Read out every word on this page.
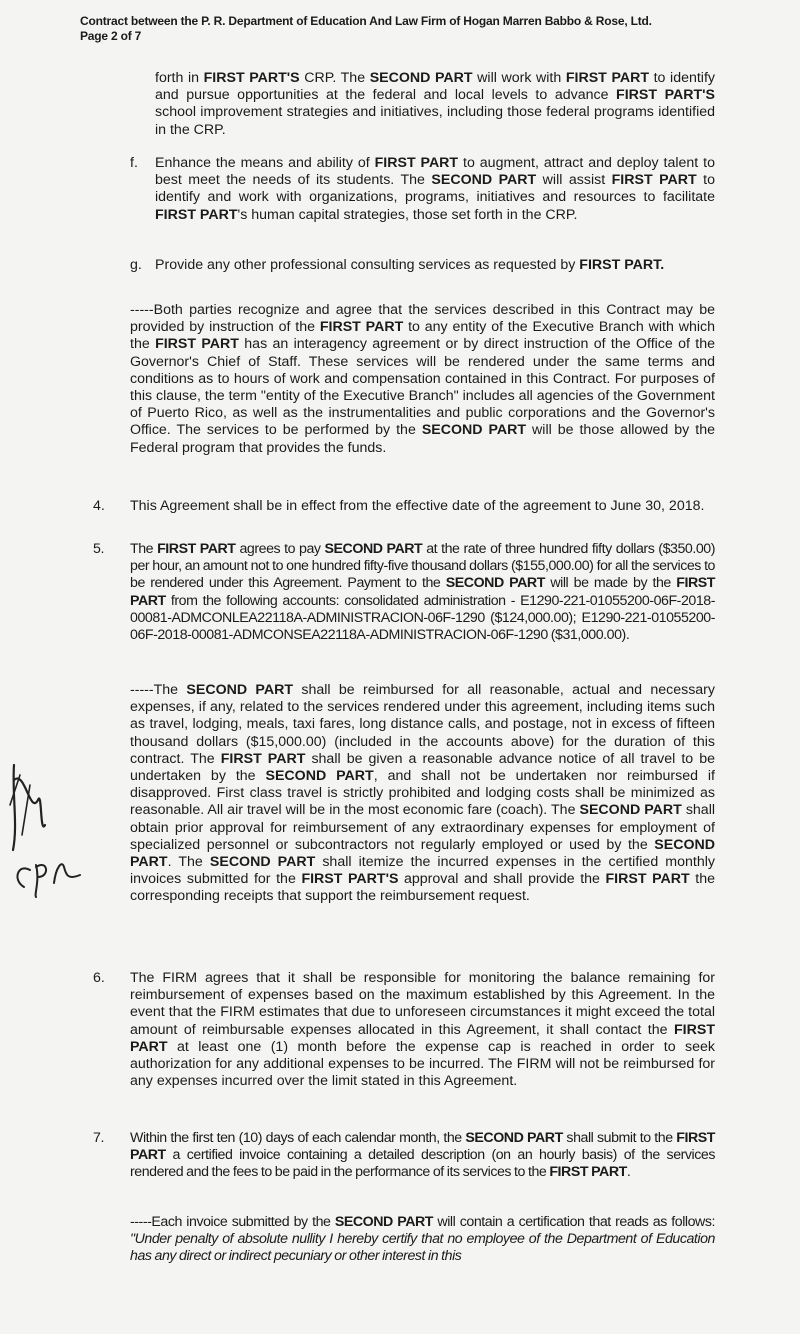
Contract between the P. R. Department of Education And Law Firm of Hogan Marren Babbo & Rose, Ltd.
Page 2 of 7
forth in FIRST PART'S CRP. The SECOND PART will work with FIRST PART to identify and pursue opportunities at the federal and local levels to advance FIRST PART'S school improvement strategies and initiatives, including those federal programs identified in the CRP.
f. Enhance the means and ability of FIRST PART to augment, attract and deploy talent to best meet the needs of its students. The SECOND PART will assist FIRST PART to identify and work with organizations, programs, initiatives and resources to facilitate FIRST PART's human capital strategies, those set forth in the CRP.
g. Provide any other professional consulting services as requested by FIRST PART.
-----Both parties recognize and agree that the services described in this Contract may be provided by instruction of the FIRST PART to any entity of the Executive Branch with which the FIRST PART has an interagency agreement or by direct instruction of the Office of the Governor's Chief of Staff. These services will be rendered under the same terms and conditions as to hours of work and compensation contained in this Contract. For purposes of this clause, the term "entity of the Executive Branch" includes all agencies of the Government of Puerto Rico, as well as the instrumentalities and public corporations and the Governor's Office. The services to be performed by the SECOND PART will be those allowed by the Federal program that provides the funds.
4. This Agreement shall be in effect from the effective date of the agreement to June 30, 2018.
5. The FIRST PART agrees to pay SECOND PART at the rate of three hundred fifty dollars ($350.00) per hour, an amount not to one hundred fifty-five thousand dollars ($155,000.00) for all the services to be rendered under this Agreement. Payment to the SECOND PART will be made by the FIRST PART from the following accounts: consolidated administration - E1290-221-01055200-06F-2018-00081-ADMCONLEA22118A-ADMINISTRACION-06F-1290 ($124,000.00); E1290-221-01055200-06F-2018-00081-ADMCONSEA22118A-ADMINISTRACION-06F-1290 ($31,000.00).
-----The SECOND PART shall be reimbursed for all reasonable, actual and necessary expenses, if any, related to the services rendered under this agreement, including items such as travel, lodging, meals, taxi fares, long distance calls, and postage, not in excess of fifteen thousand dollars ($15,000.00) (included in the accounts above) for the duration of this contract. The FIRST PART shall be given a reasonable advance notice of all travel to be undertaken by the SECOND PART, and shall not be undertaken nor reimbursed if disapproved. First class travel is strictly prohibited and lodging costs shall be minimized as reasonable. All air travel will be in the most economic fare (coach). The SECOND PART shall obtain prior approval for reimbursement of any extraordinary expenses for employment of specialized personnel or subcontractors not regularly employed or used by the SECOND PART. The SECOND PART shall itemize the incurred expenses in the certified monthly invoices submitted for the FIRST PART'S approval and shall provide the FIRST PART the corresponding receipts that support the reimbursement request.
6. The FIRM agrees that it shall be responsible for monitoring the balance remaining for reimbursement of expenses based on the maximum established by this Agreement. In the event that the FIRM estimates that due to unforeseen circumstances it might exceed the total amount of reimbursable expenses allocated in this Agreement, it shall contact the FIRST PART at least one (1) month before the expense cap is reached in order to seek authorization for any additional expenses to be incurred. The FIRM will not be reimbursed for any expenses incurred over the limit stated in this Agreement.
7. Within the first ten (10) days of each calendar month, the SECOND PART shall submit to the FIRST PART a certified invoice containing a detailed description (on an hourly basis) of the services rendered and the fees to be paid in the performance of its services to the FIRST PART.
-----Each invoice submitted by the SECOND PART will contain a certification that reads as follows: "Under penalty of absolute nullity I hereby certify that no employee of the Department of Education has any direct or indirect pecuniary or other interest in this
